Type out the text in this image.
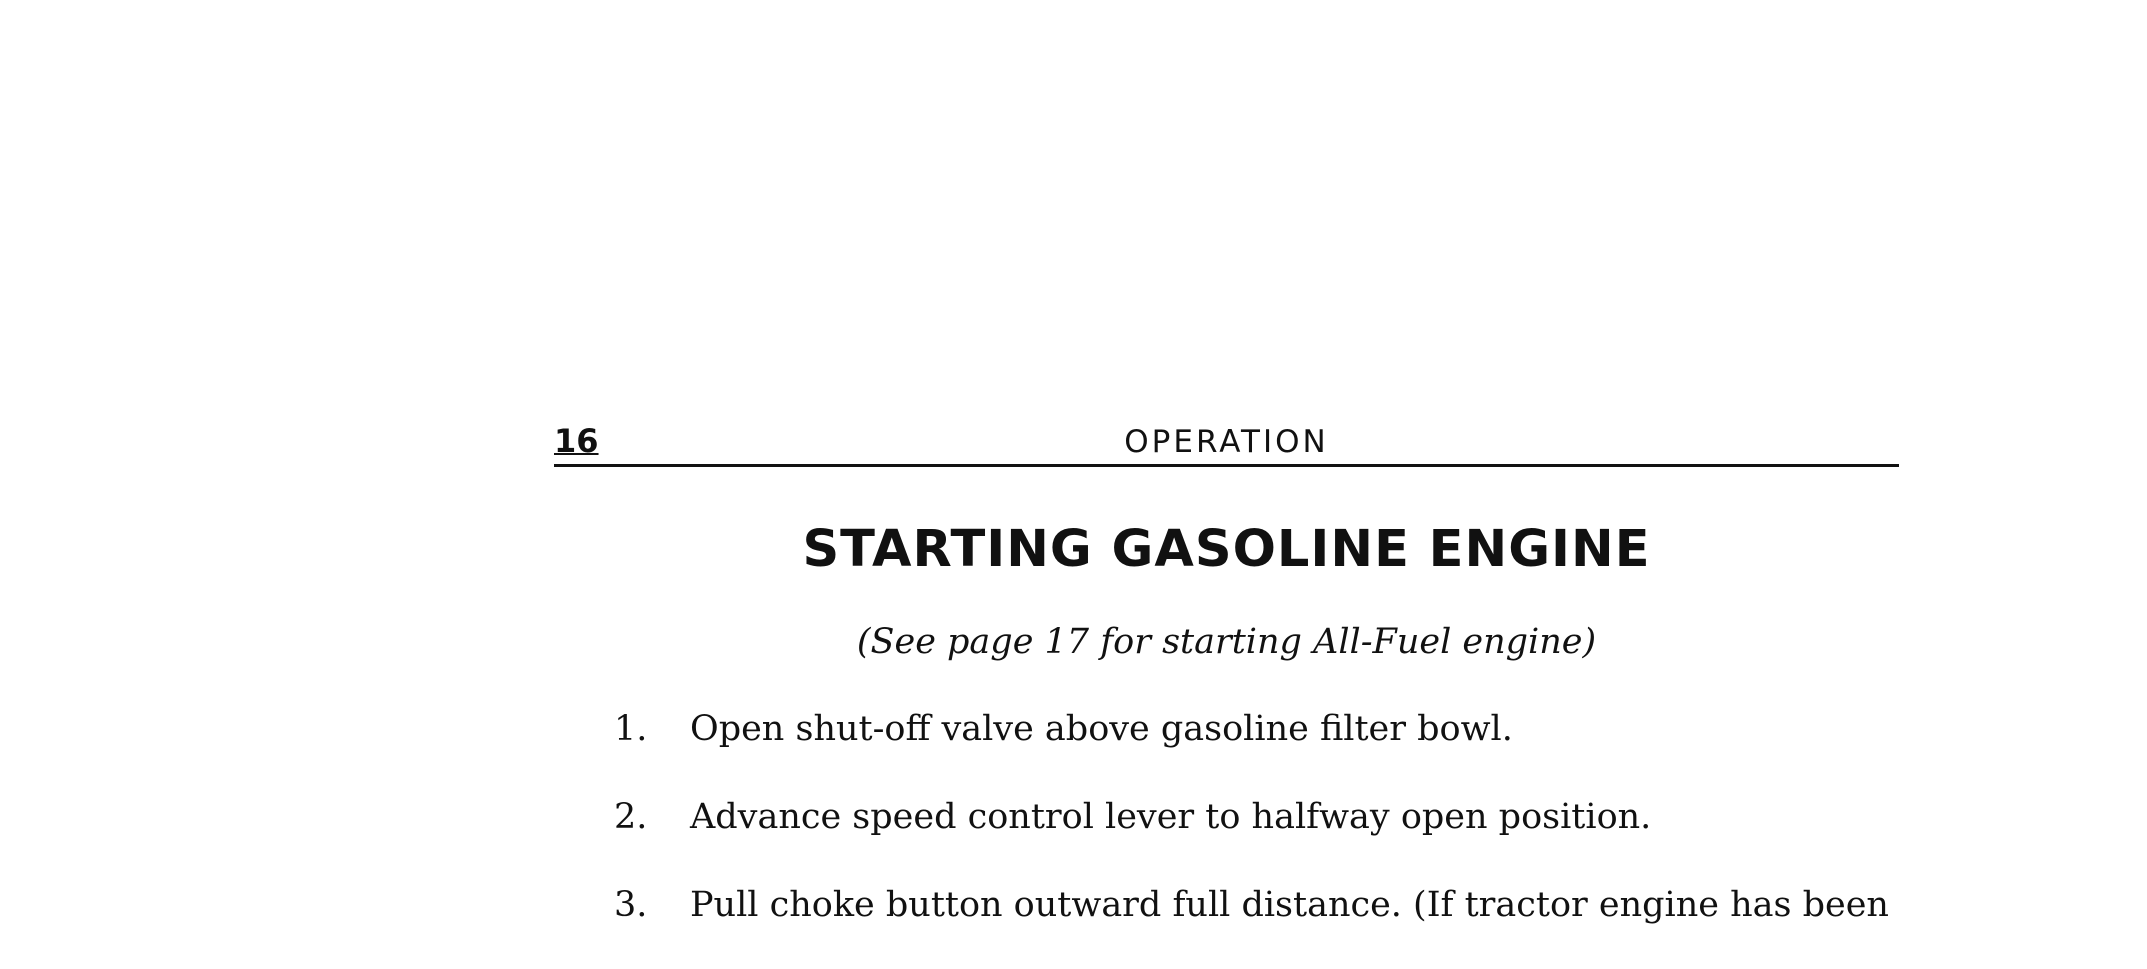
16	OPERATION
STARTING GASOLINE ENGINE
(See page 17 for starting All-Fuel engine)
1. Open shut-off valve above gasoline filter bowl.
2. Advance speed control lever to halfway open position.
3. Pull choke button outward full distance. (If tractor engine has been
